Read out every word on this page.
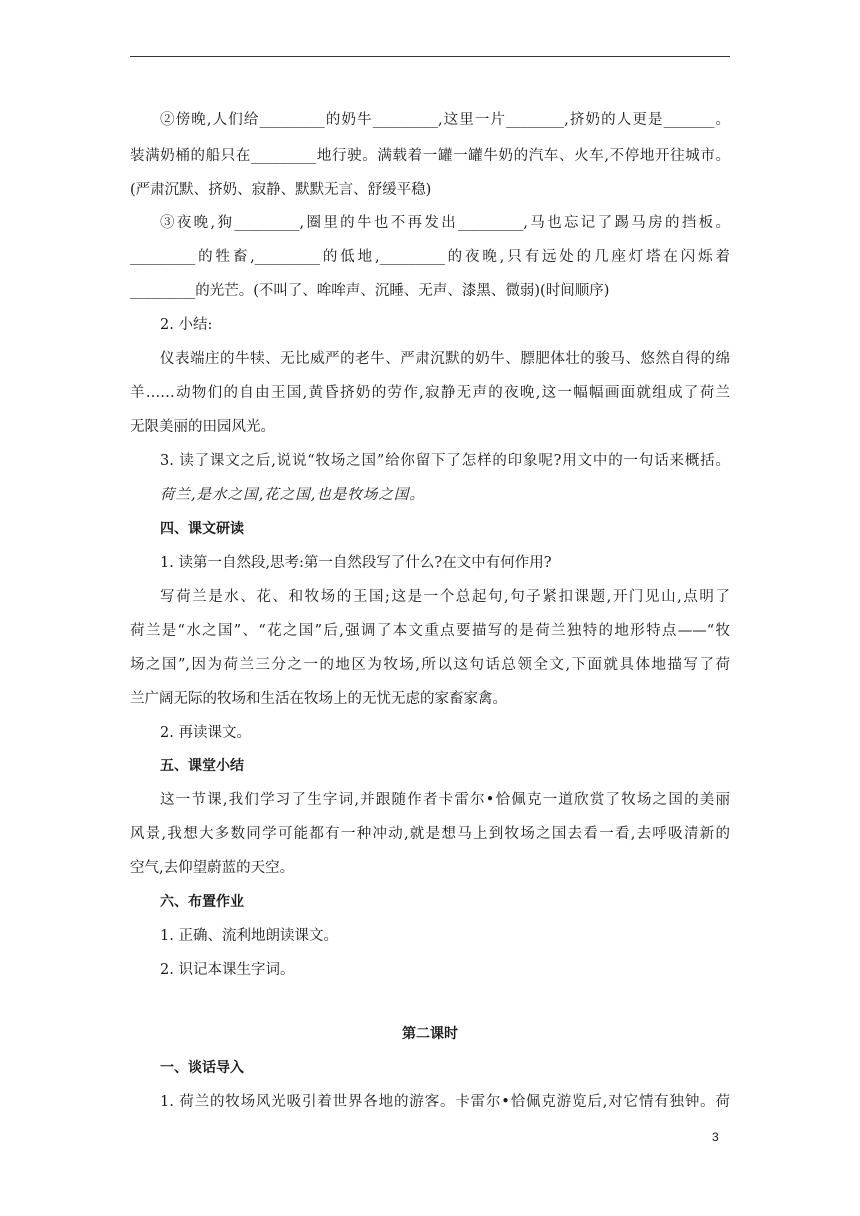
②傍晚,人们给_________的奶牛_________,这里一片________,挤奶的人更是_______。
装满奶桶的船只在_________地行驶。满载着一罐一罐牛奶的汽车、火车,不停地开往城市。
(严肃沉默、挤奶、寂静、默默无言、舒缓平稳)
③夜晚,狗_________,圈里的牛也不再发出_________,马也忘记了踢马房的挡板。
_________的牲畜,_________的低地,_________的夜晚,只有远处的几座灯塔在闪烁着
_________的光芒。(不叫了、哞哞声、沉睡、无声、漆黑、微弱)(时间顺序)
2. 小结:
仪表端庄的牛犊、无比威严的老牛、严肃沉默的奶牛、膘肥体壮的骏马、悠然自得的绵
羊……动物们的自由王国,黄昏挤奶的劳作,寂静无声的夜晚,这一幅幅画面就组成了荷兰
无限美丽的田园风光。
3. 读了课文之后,说说“牧场之国”给你留下了怎样的印象呢?用文中的一句话来概括。
荷兰,是水之国,花之国,也是牧场之国。
四、课文研读
1. 读第一自然段,思考:第一自然段写了什么?在文中有何作用?
写荷兰是水、花、和牧场的王国;这是一个总起句,句子紧扣课题,开门见山,点明了
荷兰是“水之国”、“花之国”后,强调了本文重点要描写的是荷兰独特的地形特点——“牧
场之国”,因为荷兰三分之一的地区为牧场,所以这句话总领全文,下面就具体地描写了荷
兰广阔无际的牧场和生活在牧场上的无忧无虑的家畜家禽。
2. 再读课文。
五、课堂小结
这一节课,我们学习了生字词,并跟随作者卡雷尔•恰佩克一道欣赏了牧场之国的美丽
风景,我想大多数同学可能都有一种冲动,就是想马上到牧场之国去看一看,去呼吸清新的
空气,去仰望蔚蓝的天空。
六、布置作业
1. 正确、流利地朗读课文。
2. 识记本课生字词。
第二课时
一、谈话导入
1. 荷兰的牧场风光吸引着世界各地的游客。卡雷尔•恰佩克游览后,对它情有独钟。荷
3
